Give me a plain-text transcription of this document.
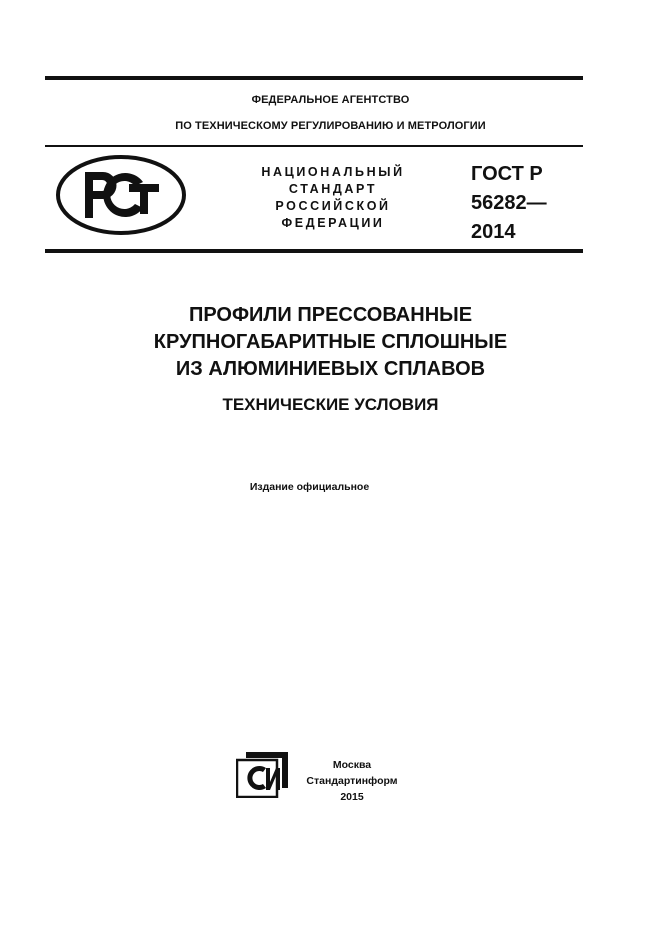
ФЕДЕРАЛЬНОЕ АГЕНТСТВО
ПО ТЕХНИЧЕСКОМУ РЕГУЛИРОВАНИЮ И МЕТРОЛОГИИ
НАЦИОНАЛЬНЫЙ
СТАНДАРТ
РОССИЙСКОЙ
ФЕДЕРАЦИИ
ГОСТ Р
56282—
2014
ПРОФИЛИ ПРЕССОВАННЫЕ
КРУПНОГАБАРИТНЫЕ СПЛОШНЫЕ
ИЗ АЛЮМИНИЕВЫХ СПЛАВОВ
ТЕХНИЧЕСКИЕ УСЛОВИЯ
Издание официальное
Москва
Стандартинформ
2015
